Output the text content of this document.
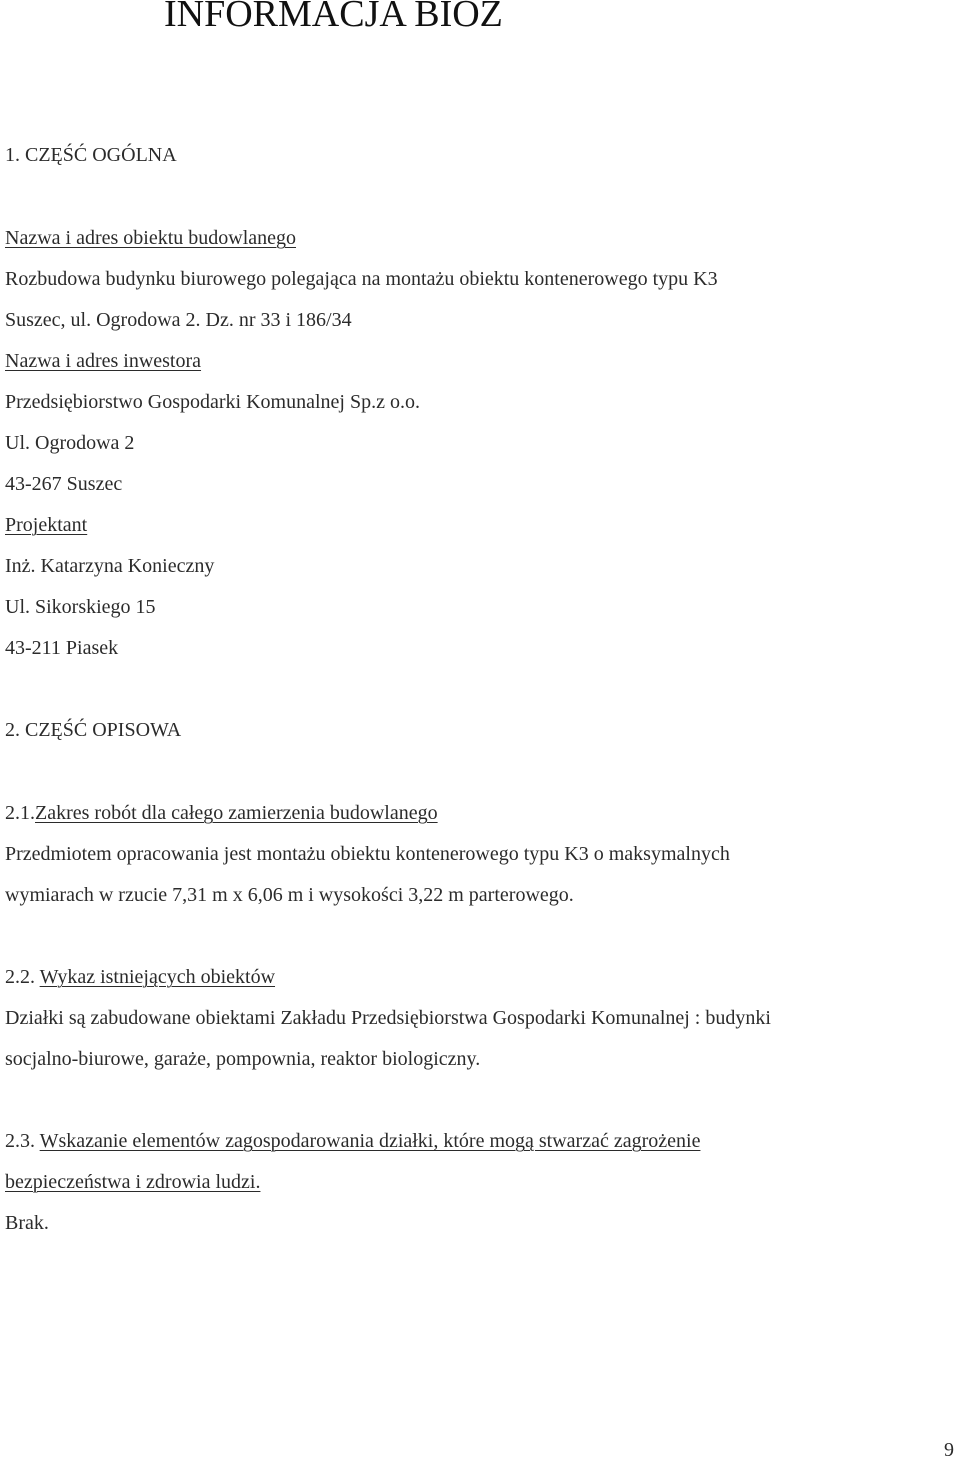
INFORMACJA BIOZ
1. CZĘŚĆ OGÓLNA
Nazwa i adres obiektu budowlanego
Rozbudowa budynku biurowego polegająca na montażu obiektu kontenerowego typu K3
Suszec, ul. Ogrodowa 2. Dz. nr 33 i 186/34
Nazwa i adres inwestora
Przedsiębiorstwo Gospodarki Komunalnej Sp.z o.o.
Ul. Ogrodowa 2
43-267 Suszec
Projektant
Inż. Katarzyna Konieczny
Ul. Sikorskiego 15
43-211 Piasek
2. CZĘŚĆ OPISOWA
2.1.Zakres robót dla całego zamierzenia budowlanego
Przedmiotem opracowania jest montażu obiektu kontenerowego typu K3 o maksymalnych
wymiarach w rzucie 7,31 m x 6,06 m i wysokości 3,22 m parterowego.
2.2. Wykaz istniejących obiektów
Działki są zabudowane obiektami Zakładu Przedsiębiorstwa Gospodarki Komunalnej : budynki
socjalno-biurowe, garaże, pompownia, reaktor biologiczny.
2.3. Wskazanie elementów zagospodarowania działki, które mogą stwarzać zagrożenie
bezpieczeństwa i zdrowia ludzi.
Brak.
9
